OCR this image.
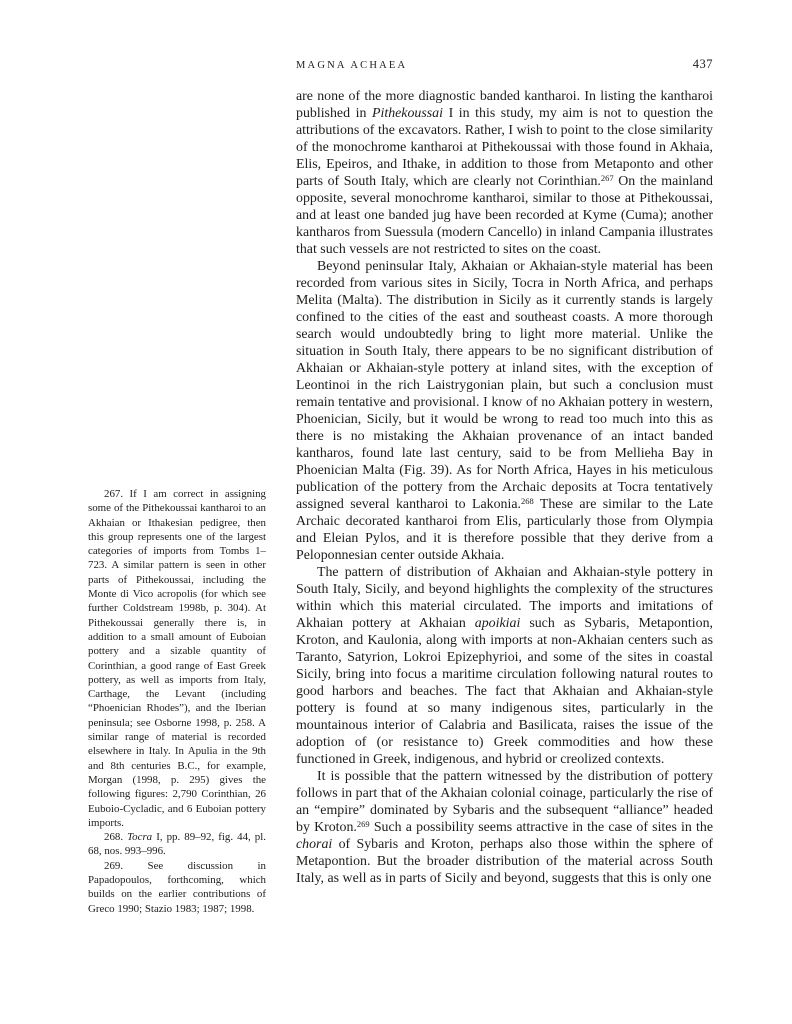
MAGNA ACHAEA	437

267. If I am correct in assigning some of the Pithekoussai kantharoi to an Akhaian or Ithakesian pedigree, then this group represents one of the largest categories of imports from Tombs 1–723. A similar pattern is seen in other parts of Pithekoussai, including the Monte di Vico acropolis (for which see further Coldstream 1998b, p. 304). At Pithekoussai generally there is, in addition to a small amount of Euboian pottery and a sizable quantity of Corinthian, a good range of East Greek pottery, as well as imports from Italy, Carthage, the Levant (including “Phoenician Rhodes”), and the Iberian peninsula; see Osborne 1998, p. 258. A similar range of material is recorded elsewhere in Italy. In Apulia in the 9th and 8th centuries B.C., for example, Morgan (1998, p. 295) gives the following figures: 2,790 Corinthian, 26 Euboio-Cycladic, and 6 Euboian pottery imports.

268. Tocra I, pp. 89–92, fig. 44, pl. 68, nos. 993–996.

269. See discussion in Papadopoulos, forthcoming, which builds on the earlier contributions of Greco 1990; Stazio 1983; 1987; 1998.

are none of the more diagnostic banded kantharoi. In listing the kantharoi published in Pithekoussai I in this study, my aim is not to question the attributions of the excavators. Rather, I wish to point to the close similarity of the monochrome kantharoi at Pithekoussai with those found in Akhaia, Elis, Epeiros, and Ithake, in addition to those from Metaponto and other parts of South Italy, which are clearly not Corinthian.$^{267}$ On the mainland opposite, several monochrome kantharoi, similar to those at Pithekoussai, and at least one banded jug have been recorded at Kyme (Cuma); another kantharos from Suessula (modern Cancello) in inland Campania illustrates that such vessels are not restricted to sites on the coast.

Beyond peninsular Italy, Akhaian or Akhaian-style material has been recorded from various sites in Sicily, Tocra in North Africa, and perhaps Melita (Malta). The distribution in Sicily as it currently stands is largely confined to the cities of the east and southeast coasts. A more thorough search would undoubtedly bring to light more material. Unlike the situation in South Italy, there appears to be no significant distribution of Akhaian or Akhaian-style pottery at inland sites, with the exception of Leontinoi in the rich Laistrygonian plain, but such a conclusion must remain tentative and provisional. I know of no Akhaian pottery in western, Phoenician, Sicily, but it would be wrong to read too much into this as there is no mistaking the Akhaian provenance of an intact banded kantharos, found late last century, said to be from Mellieha Bay in Phoenician Malta (Fig. 39). As for North Africa, Hayes in his meticulous publication of the pottery from the Archaic deposits at Tocra tentatively assigned several kantharoi to Lakonia.$^{268}$ These are similar to the Late Archaic decorated kantharoi from Elis, particularly those from Olympia and Eleian Pylos, and it is therefore possible that they derive from a Peloponnesian center outside Akhaia.

The pattern of distribution of Akhaian and Akhaian-style pottery in South Italy, Sicily, and beyond highlights the complexity of the structures within which this material circulated. The imports and imitations of Akhaian pottery at Akhaian apoikiai such as Sybaris, Metapontion, Kroton, and Kaulonia, along with imports at non-Akhaian centers such as Taranto, Satyrion, Lokroi Epizephyrioi, and some of the sites in coastal Sicily, bring into focus a maritime circulation following natural routes to good harbors and beaches. The fact that Akhaian and Akhaian-style pottery is found at so many indigenous sites, particularly in the mountainous interior of Calabria and Basilicata, raises the issue of the adoption of (or resistance to) Greek commodities and how these functioned in Greek, indigenous, and hybrid or creolized contexts.

It is possible that the pattern witnessed by the distribution of pottery follows in part that of the Akhaian colonial coinage, particularly the rise of an “empire” dominated by Sybaris and the subsequent “alliance” headed by Kroton.$^{269}$ Such a possibility seems attractive in the case of sites in the chorai of Sybaris and Kroton, perhaps also those within the sphere of Metapontion. But the broader distribution of the material across South Italy, as well as in parts of Sicily and beyond, suggests that this is only one
